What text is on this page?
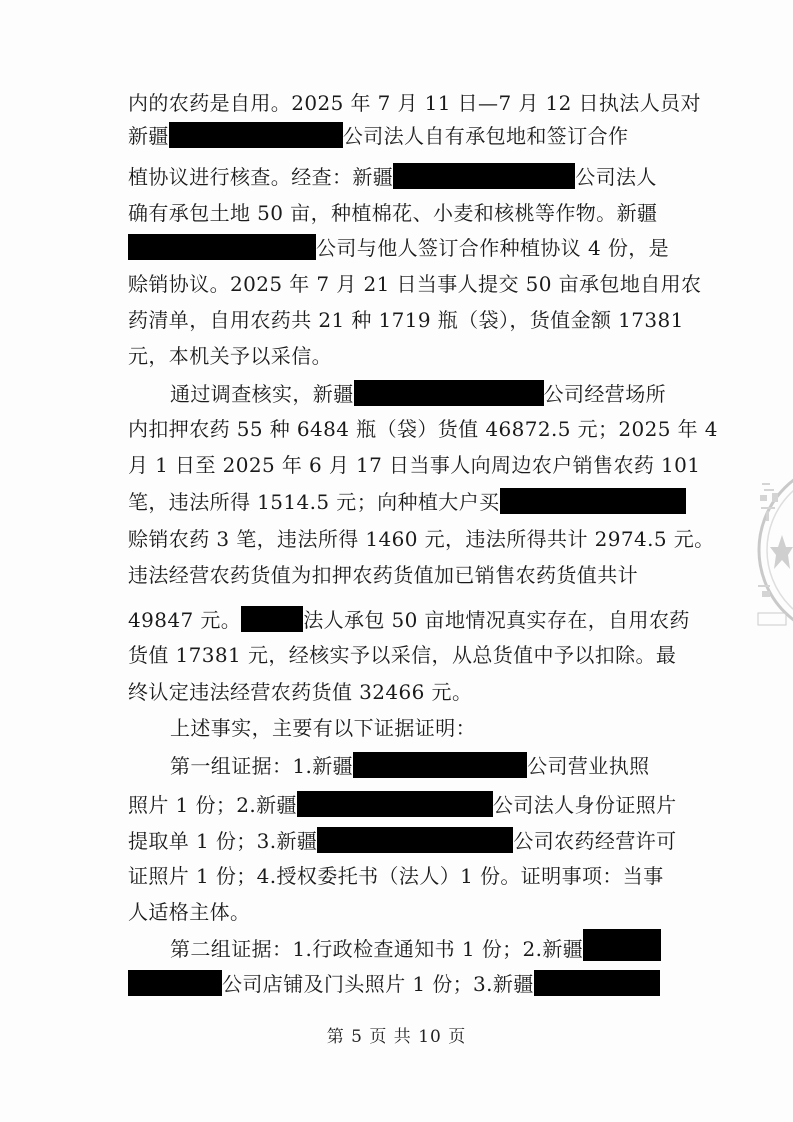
内的农药是自用。2025 年 7 月 11 日—7 月 12 日执法人员对
新疆	公司法人自有承包地和签订合作
植协议进行核查。经查：新疆	公司法人
确有承包土地 50 亩，种植棉花、小麦和核桃等作物。新疆
公司与他人签订合作种植协议 4 份，是
赊销协议。2025 年 7 月 21 日当事人提交 50 亩承包地自用农
药清单，自用农药共 21 种 1719 瓶（袋），货值金额 17381
元，本机关予以采信。
通过调查核实，新疆	公司经营场所
内扣押农药 55 种 6484 瓶（袋）货值 46872.5 元；2025 年 4
月 1 日至 2025 年 6 月 17 日当事人向周边农户销售农药 101
笔，违法所得 1514.5 元；向种植大户买
赊销农药 3 笔，违法所得 1460 元，违法所得共计 2974.5 元。
违法经营农药货值为扣押农药货值加已销售农药货值共计
49847 元。	法人承包 50 亩地情况真实存在，自用农药
货值 17381 元，经核实予以采信，从总货值中予以扣除。最
终认定违法经营农药货值 32466 元。
上述事实，主要有以下证据证明：
第一组证据：1.新疆	公司营业执照
照片 1 份；2.新疆	公司法人身份证照片
提取单 1 份；3.新疆	公司农药经营许可
证照片 1 份；4.授权委托书（法人）1 份。证明事项：当事
人适格主体。
第二组证据：1.行政检查通知书 1 份；2.新疆
公司店铺及门头照片 1 份；3.新疆
第 5 页 共 10 页
